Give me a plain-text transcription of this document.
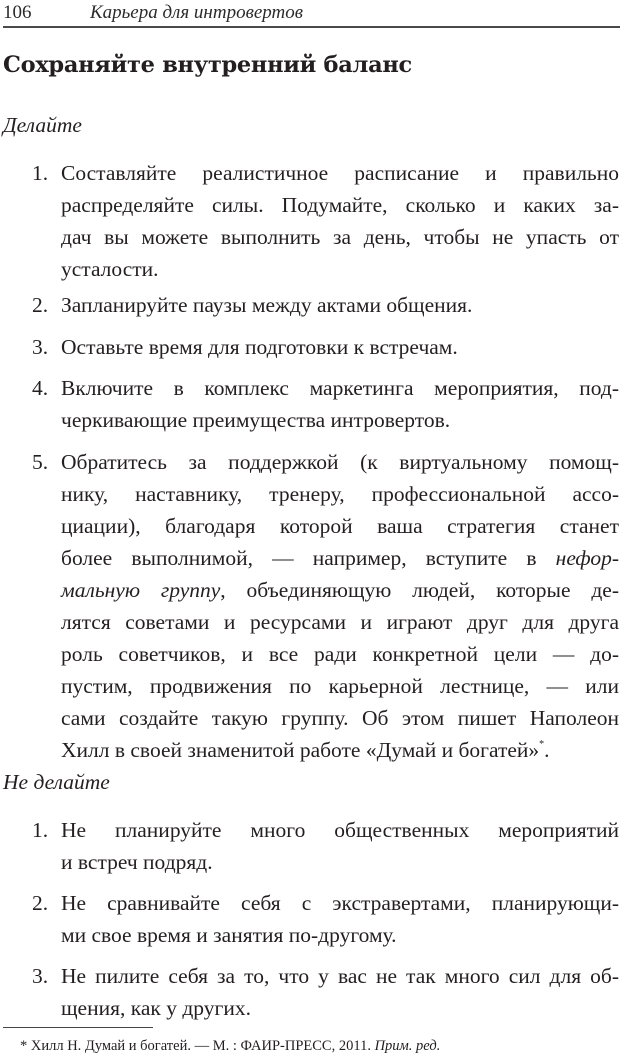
106	Карьера для интровертов
Сохраняйте внутренний баланс
Делайте
1. Составляйте реалистичное расписание и правильно
распределяйте силы. Подумайте, сколько и каких за-
дач вы можете выполнить за день, чтобы не упасть от
усталости.
2. Запланируйте паузы между актами общения.
3. Оставьте время для подготовки к встречам.
4. Включите в комплекс маркетинга мероприятия, под-
черкивающие преимущества интровертов.
5. Обратитесь за поддержкой (к виртуальному помощ-
нику, наставнику, тренеру, профессиональной ассо-
циации), благодаря которой ваша стратегия станет
более выполнимой, — например, вступите в нефор-
мальную группу, объединяющую людей, которые де-
лятся советами и ресурсами и играют друг для друга
роль советчиков, и все ради конкретной цели — до-
пустим, продвижения по карьерной лестнице, — или
сами создайте такую группу. Об этом пишет Наполеон
Хилл в своей знаменитой работе «Думай и богатей»*.
Не делайте
1. Не планируйте много общественных мероприятий
и встреч подряд.
2. Не сравнивайте себя с экстравертами, планирующи-
ми свое время и занятия по-другому.
3. Не пилите себя за то, что у вас не так много сил для об-
щения, как у других.
* Хилл Н. Думай и богатей. — М. : ФАИР-ПРЕСС, 2011. Прим. ред.
